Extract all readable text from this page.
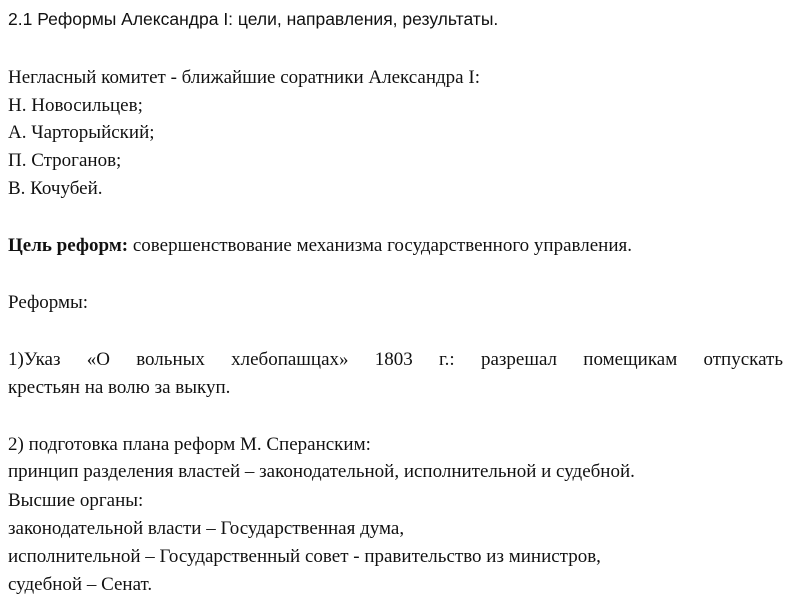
2.1 Реформы Александра I: цели, направления, результаты.
Негласный комитет - ближайшие соратники Александра I:
Н. Новосильцев;
А. Чарторыйский;
П. Строганов;
В. Кочубей.
Цель реформ: совершенствование механизма государственного управления.
Реформы:
1)Указ «О вольных хлебопашцах» 1803 г.: разрешал помещикам отпускать
крестьян на волю за выкуп.
2) подготовка плана реформ М. Сперанским:
принцип разделения властей – законодательной, исполнительной и судебной.
Высшие органы:
законодательной власти – Государственная дума,
исполнительной – Государственный совет - правительство из министров,
судебной – Сенат.
